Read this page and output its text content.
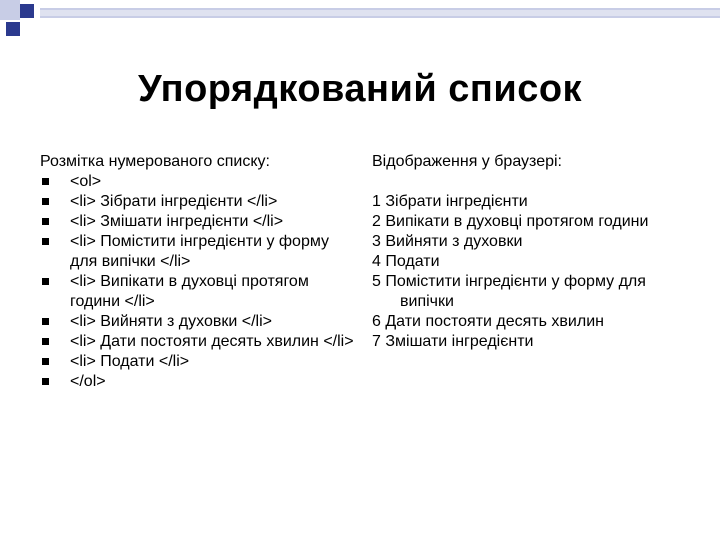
Упорядкований список
Розмітка нумерованого списку:
<ol>
<li> Зібрати інгредієнти </li>
<li> Змішати інгредієнти </li>
<li> Помістити інгредієнти у форму для випічки </li>
<li> Випікати в духовці протягом години </li>
<li> Вийняти з духовки </li>
<li> Дати постояти десять хвилин </li>
<li> Подати </li>
</ol>
Відображення у браузері:
1 Зібрати інгредієнти
2 Випікати в духовці протягом години
3 Вийняти з духовки
4 Подати
5 Помістити інгредієнти у форму для випічки
6 Дати постояти десять хвилин
7 Змішати інгредієнти
